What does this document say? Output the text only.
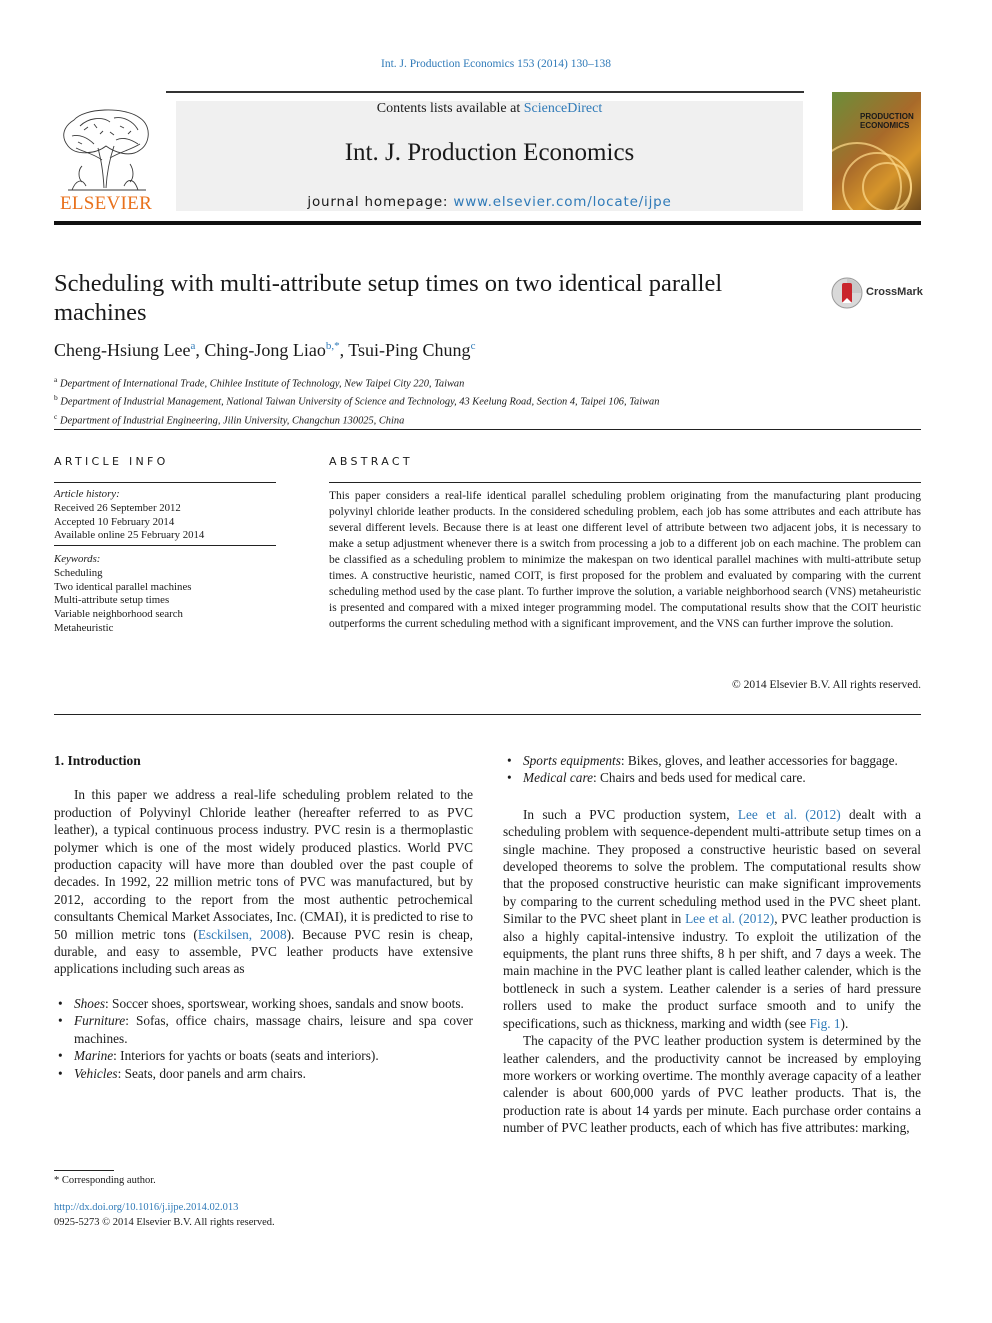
Int. J. Production Economics 153 (2014) 130–138
ELSEVIER
Contents lists available at ScienceDirect
Int. J. Production Economics
journal homepage: www.elsevier.com/locate/ijpe
PRODUCTION
ECONOMICS
Scheduling with multi-attribute setup times on two identical parallel machines
CrossMark
Cheng-Hsiung Lee$^a$, Ching-Jong Liao$^{b,*}$, Tsui-Ping Chung$^c$
$^a$ Department of International Trade, Chihlee Institute of Technology, New Taipei City 220, Taiwan
$^b$ Department of Industrial Management, National Taiwan University of Science and Technology, 43 Keelung Road, Section 4, Taipei 106, Taiwan
$^c$ Department of Industrial Engineering, Jilin University, Changchun 130025, China
ARTICLE INFO
Article history:
Received 26 September 2012
Accepted 10 February 2014
Available online 25 February 2014
Keywords:
Scheduling
Two identical parallel machines
Multi-attribute setup times
Variable neighborhood search
Metaheuristic
ABSTRACT
This paper considers a real-life identical parallel scheduling problem originating from the manufacturing plant producing polyvinyl chloride leather products. In the considered scheduling problem, each job has some attributes and each attribute has several different levels. Because there is at least one different level of attribute between two adjacent jobs, it is necessary to make a setup adjustment whenever there is a switch from processing a job to a different job on each machine. The problem can be classified as a scheduling problem to minimize the makespan on two identical parallel machines with multi-attribute setup times. A constructive heuristic, named COIT, is first proposed for the problem and evaluated by comparing with the current scheduling method used by the case plant. To further improve the solution, a variable neighborhood search (VNS) metaheuristic is presented and compared with a mixed integer programming model. The computational results show that the COIT heuristic outperforms the current scheduling method with a significant improvement, and the VNS can further improve the solution.
© 2014 Elsevier B.V. All rights reserved.
1. Introduction

In this paper we address a real-life scheduling problem related to the production of Polyvinyl Chloride leather (hereafter referred to as PVC leather), a typical continuous process industry. PVC resin is a thermoplastic polymer which is one of the most widely produced plastics. World PVC production capacity will have more than doubled over the past couple of decades. In 1992, 22 million metric tons of PVC was manufactured, but by 2012, according to the report from the most authentic petrochemical consultants Chemical Market Associates, Inc. (CMAI), it is predicted to rise to 50 million metric tons (Esckilsen, 2008). Because PVC resin is cheap, durable, and easy to assemble, PVC leather products have extensive applications including such areas as

• Shoes: Soccer shoes, sportswear, working shoes, sandals and snow boots.
• Furniture: Sofas, office chairs, massage chairs, leisure and spa cover machines.
• Marine: Interiors for yachts or boats (seats and interiors).
• Vehicles: Seats, door panels and arm chairs.
• Sports equipments: Bikes, gloves, and leather accessories for baggage.
• Medical care: Chairs and beds used for medical care.

In such a PVC production system, Lee et al. (2012) dealt with a scheduling problem with sequence-dependent multi-attribute setup times on a single machine. They proposed a constructive heuristic based on several developed theorems to solve the problem. The computational results show that the proposed constructive heuristic can make significant improvements by comparing to the current scheduling method used in the PVC sheet plant. Similar to the PVC sheet plant in Lee et al. (2012), PVC leather production is also a highly capital-intensive industry. To exploit the utilization of the equipments, the plant runs three shifts, 8 h per shift, and 7 days a week. The main machine in the PVC leather plant is called leather calender, which is the bottleneck in such a system. Leather calender is a series of hard pressure rollers used to make the product surface smooth and to unify the specifications, such as thickness, marking and width (see Fig. 1).

The capacity of the PVC leather production system is determined by the leather calenders, and the productivity cannot be increased by employing more workers or working overtime. The monthly average capacity of a leather calender is about 600,000 yards of PVC leather products. That is, the production rate is about 14 yards per minute. Each purchase order contains a number of PVC leather products, each of which has five attributes: marking,

* Corresponding author.
http://dx.doi.org/10.1016/j.ijpe.2014.02.013
0925-5273 © 2014 Elsevier B.V. All rights reserved.
